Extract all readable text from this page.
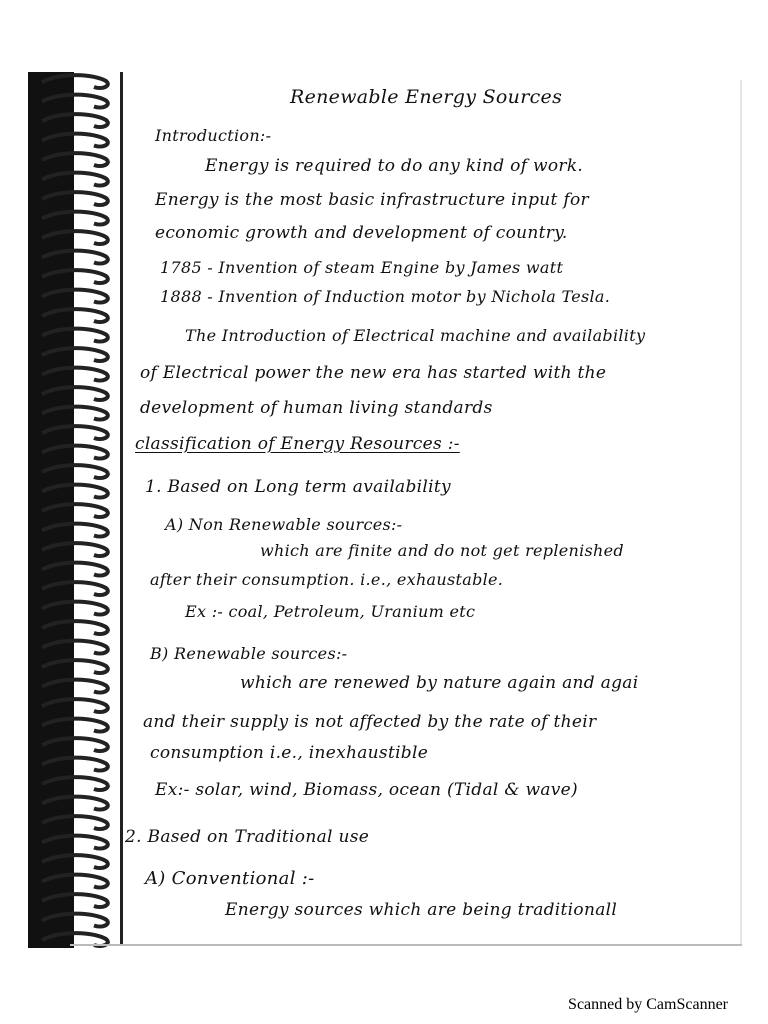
Renewable Energy Sources
Introduction:-
Energy is required to do any kind of work.
Energy is the most basic infrastructure input for
economic growth and development of country.
1785 - Invention of steam Engine by James watt
1888 - Invention of Induction motor by Nichola Tesla.
The Introduction of Electrical machine and availability
of Electrical power the new era has started with the
development of human living standards
classification of Energy Resources :-
1. Based on Long term availability
A) Non Renewable sources:-
which are finite and do not get replenished
after their consumption. i.e., exhaustable.
Ex :- coal, Petroleum, Uranium etc
B) Renewable sources:-
which are renewed by nature again and agai
and their supply is not affected by the rate of their
consumption i.e., inexhaustible
Ex:- solar, wind, Biomass, ocean (Tidal & wave)
2. Based on Traditional use
A) Conventional :-
Energy sources which are being traditionall
Scanned by CamScanner
